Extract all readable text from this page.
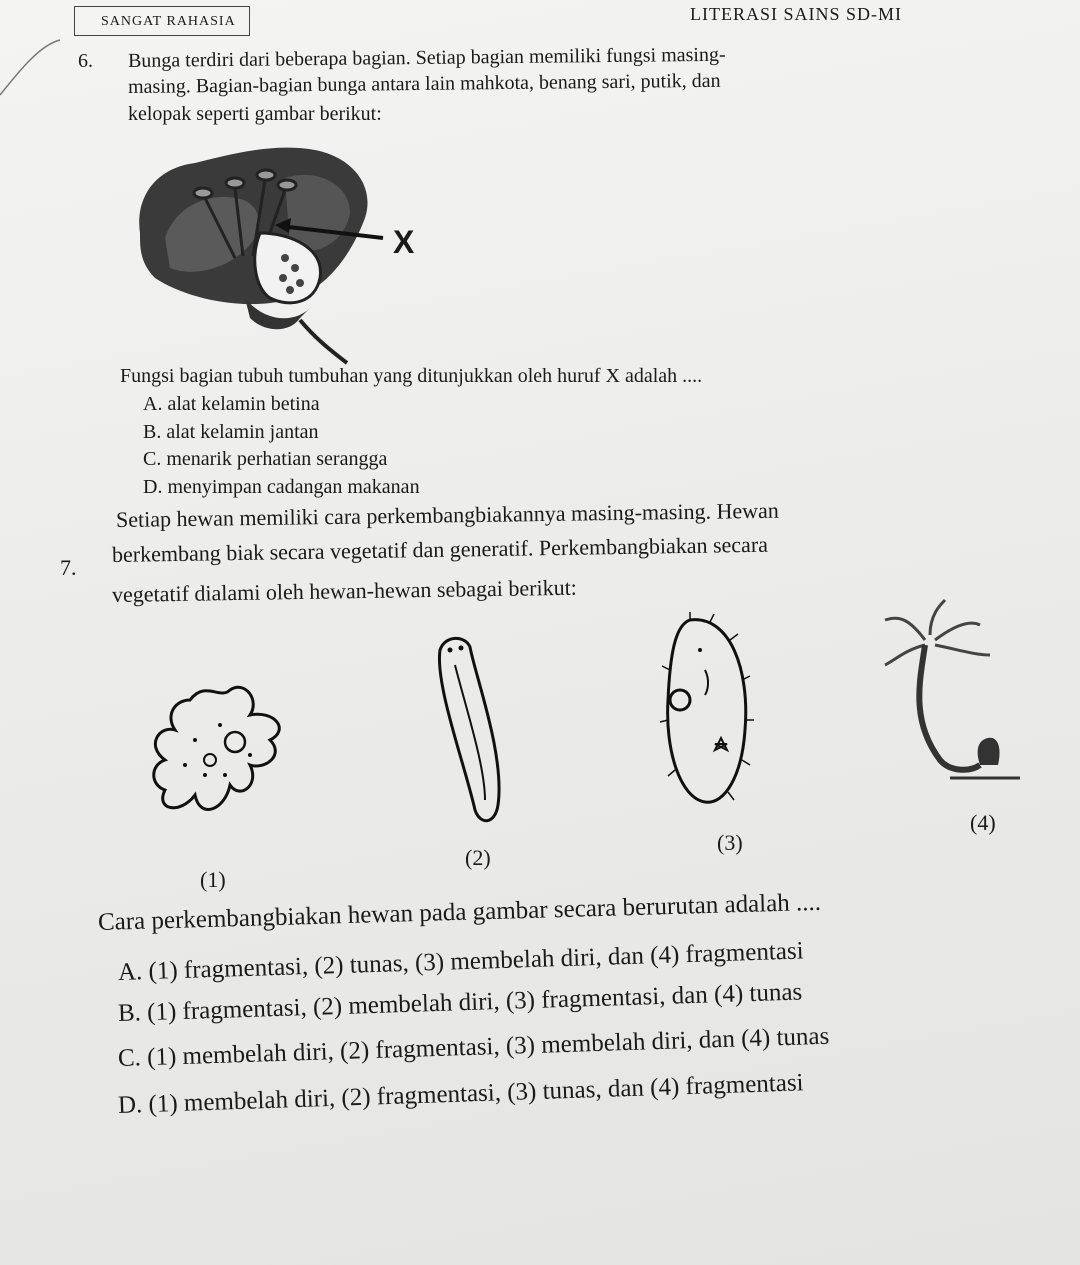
SANGAT RAHASIA	LITERASI SAINS SD-MI
6. Bunga terdiri dari beberapa bagian. Setiap bagian memiliki fungsi masing-
masing. Bagian-bagian bunga antara lain mahkota, benang sari, putik, dan
kelopak seperti gambar berikut:
X
Fungsi bagian tubuh tumbuhan yang ditunjukkan oleh huruf X adalah ....
A. alat kelamin betina
B. alat kelamin jantan
C. menarik perhatian serangga
D. menyimpan cadangan makanan
7.
Setiap hewan memiliki cara perkembangbiakannya masing-masing. Hewan
berkembang biak secara vegetatif dan generatif. Perkembangbiakan secara
vegetatif dialami oleh hewan-hewan sebagai berikut:
(1)
(2)
(3)
(4)
Cara perkembangbiakan hewan pada gambar secara berurutan adalah ....
A. (1) fragmentasi, (2) tunas, (3) membelah diri, dan (4) fragmentasi
B. (1) fragmentasi, (2) membelah diri, (3) fragmentasi, dan (4) tunas
C. (1) membelah diri, (2) fragmentasi, (3) membelah diri, dan (4) tunas
D. (1) membelah diri, (2) fragmentasi, (3) tunas, dan (4) fragmentasi
